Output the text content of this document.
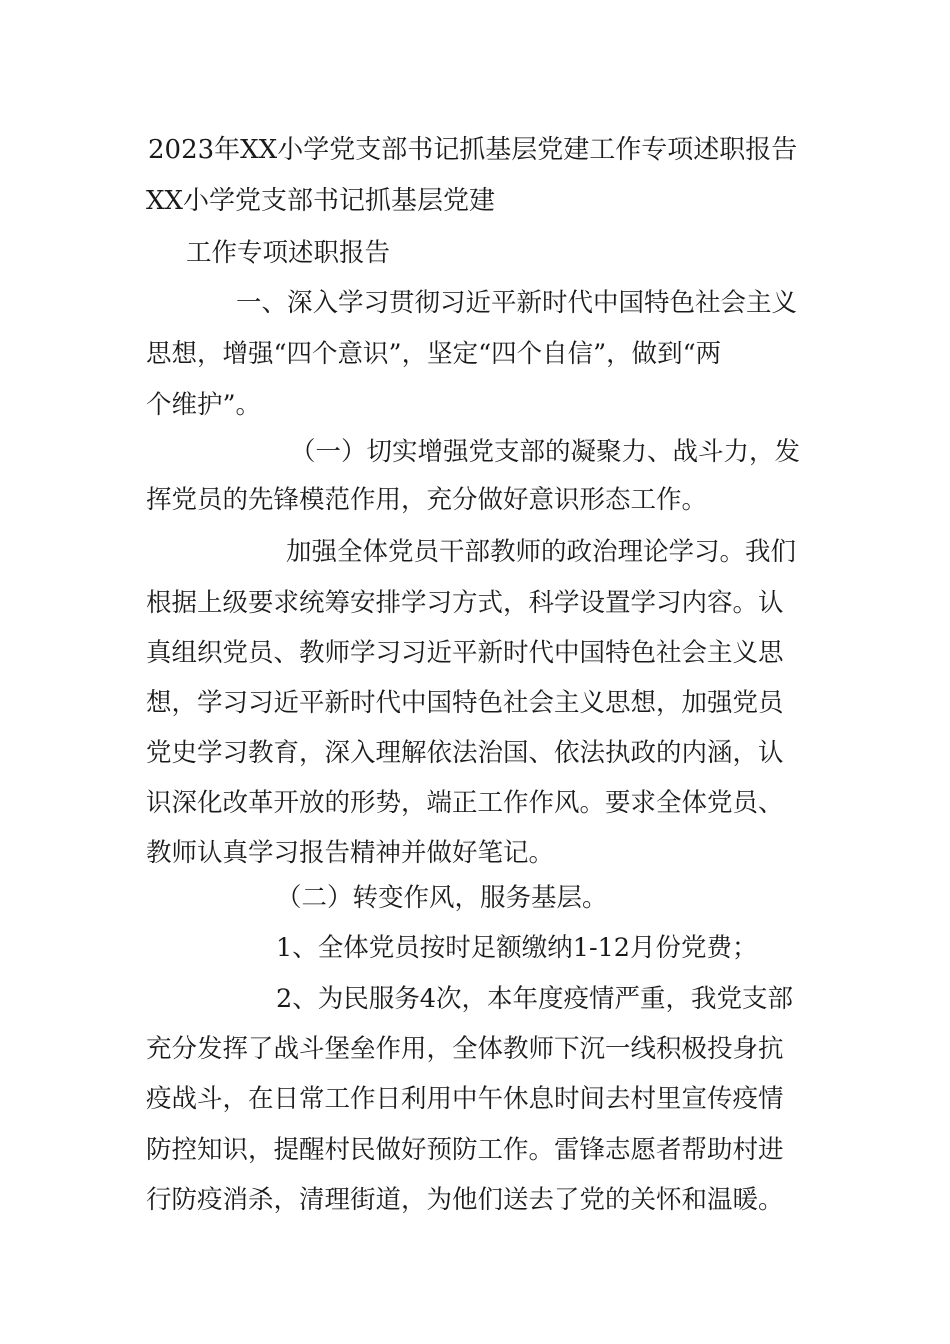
2023年XX小学党支部书记抓基层党建工作专项述职报告

XX小学党支部书记抓基层党建

工作专项述职报告

一、深入学习贯彻习近平新时代中国特色社会主义

思想，增强“四个意识”，坚定“四个自信”，做到“两

个维护”。

（一）切实增强党支部的凝聚力、战斗力，发

挥党员的先锋模范作用，充分做好意识形态工作。

加强全体党员干部教师的政治理论学习。我们

根据上级要求统筹安排学习方式，科学设置学习内容。认

真组织党员、教师学习习近平新时代中国特色社会主义思

想，学习习近平新时代中国特色社会主义思想，加强党员

党史学习教育，深入理解依法治国、依法执政的内涵，认

识深化改革开放的形势，端正工作作风。要求全体党员、

教师认真学习报告精神并做好笔记。

（二）转变作风，服务基层。

1、全体党员按时足额缴纳1-12月份党费；

2、为民服务4次，本年度疫情严重，我党支部

充分发挥了战斗堡垒作用，全体教师下沉一线积极投身抗

疫战斗，在日常工作日利用中午休息时间去村里宣传疫情

防控知识，提醒村民做好预防工作。雷锋志愿者帮助村进

行防疫消杀，清理街道，为他们送去了党的关怀和温暖。
